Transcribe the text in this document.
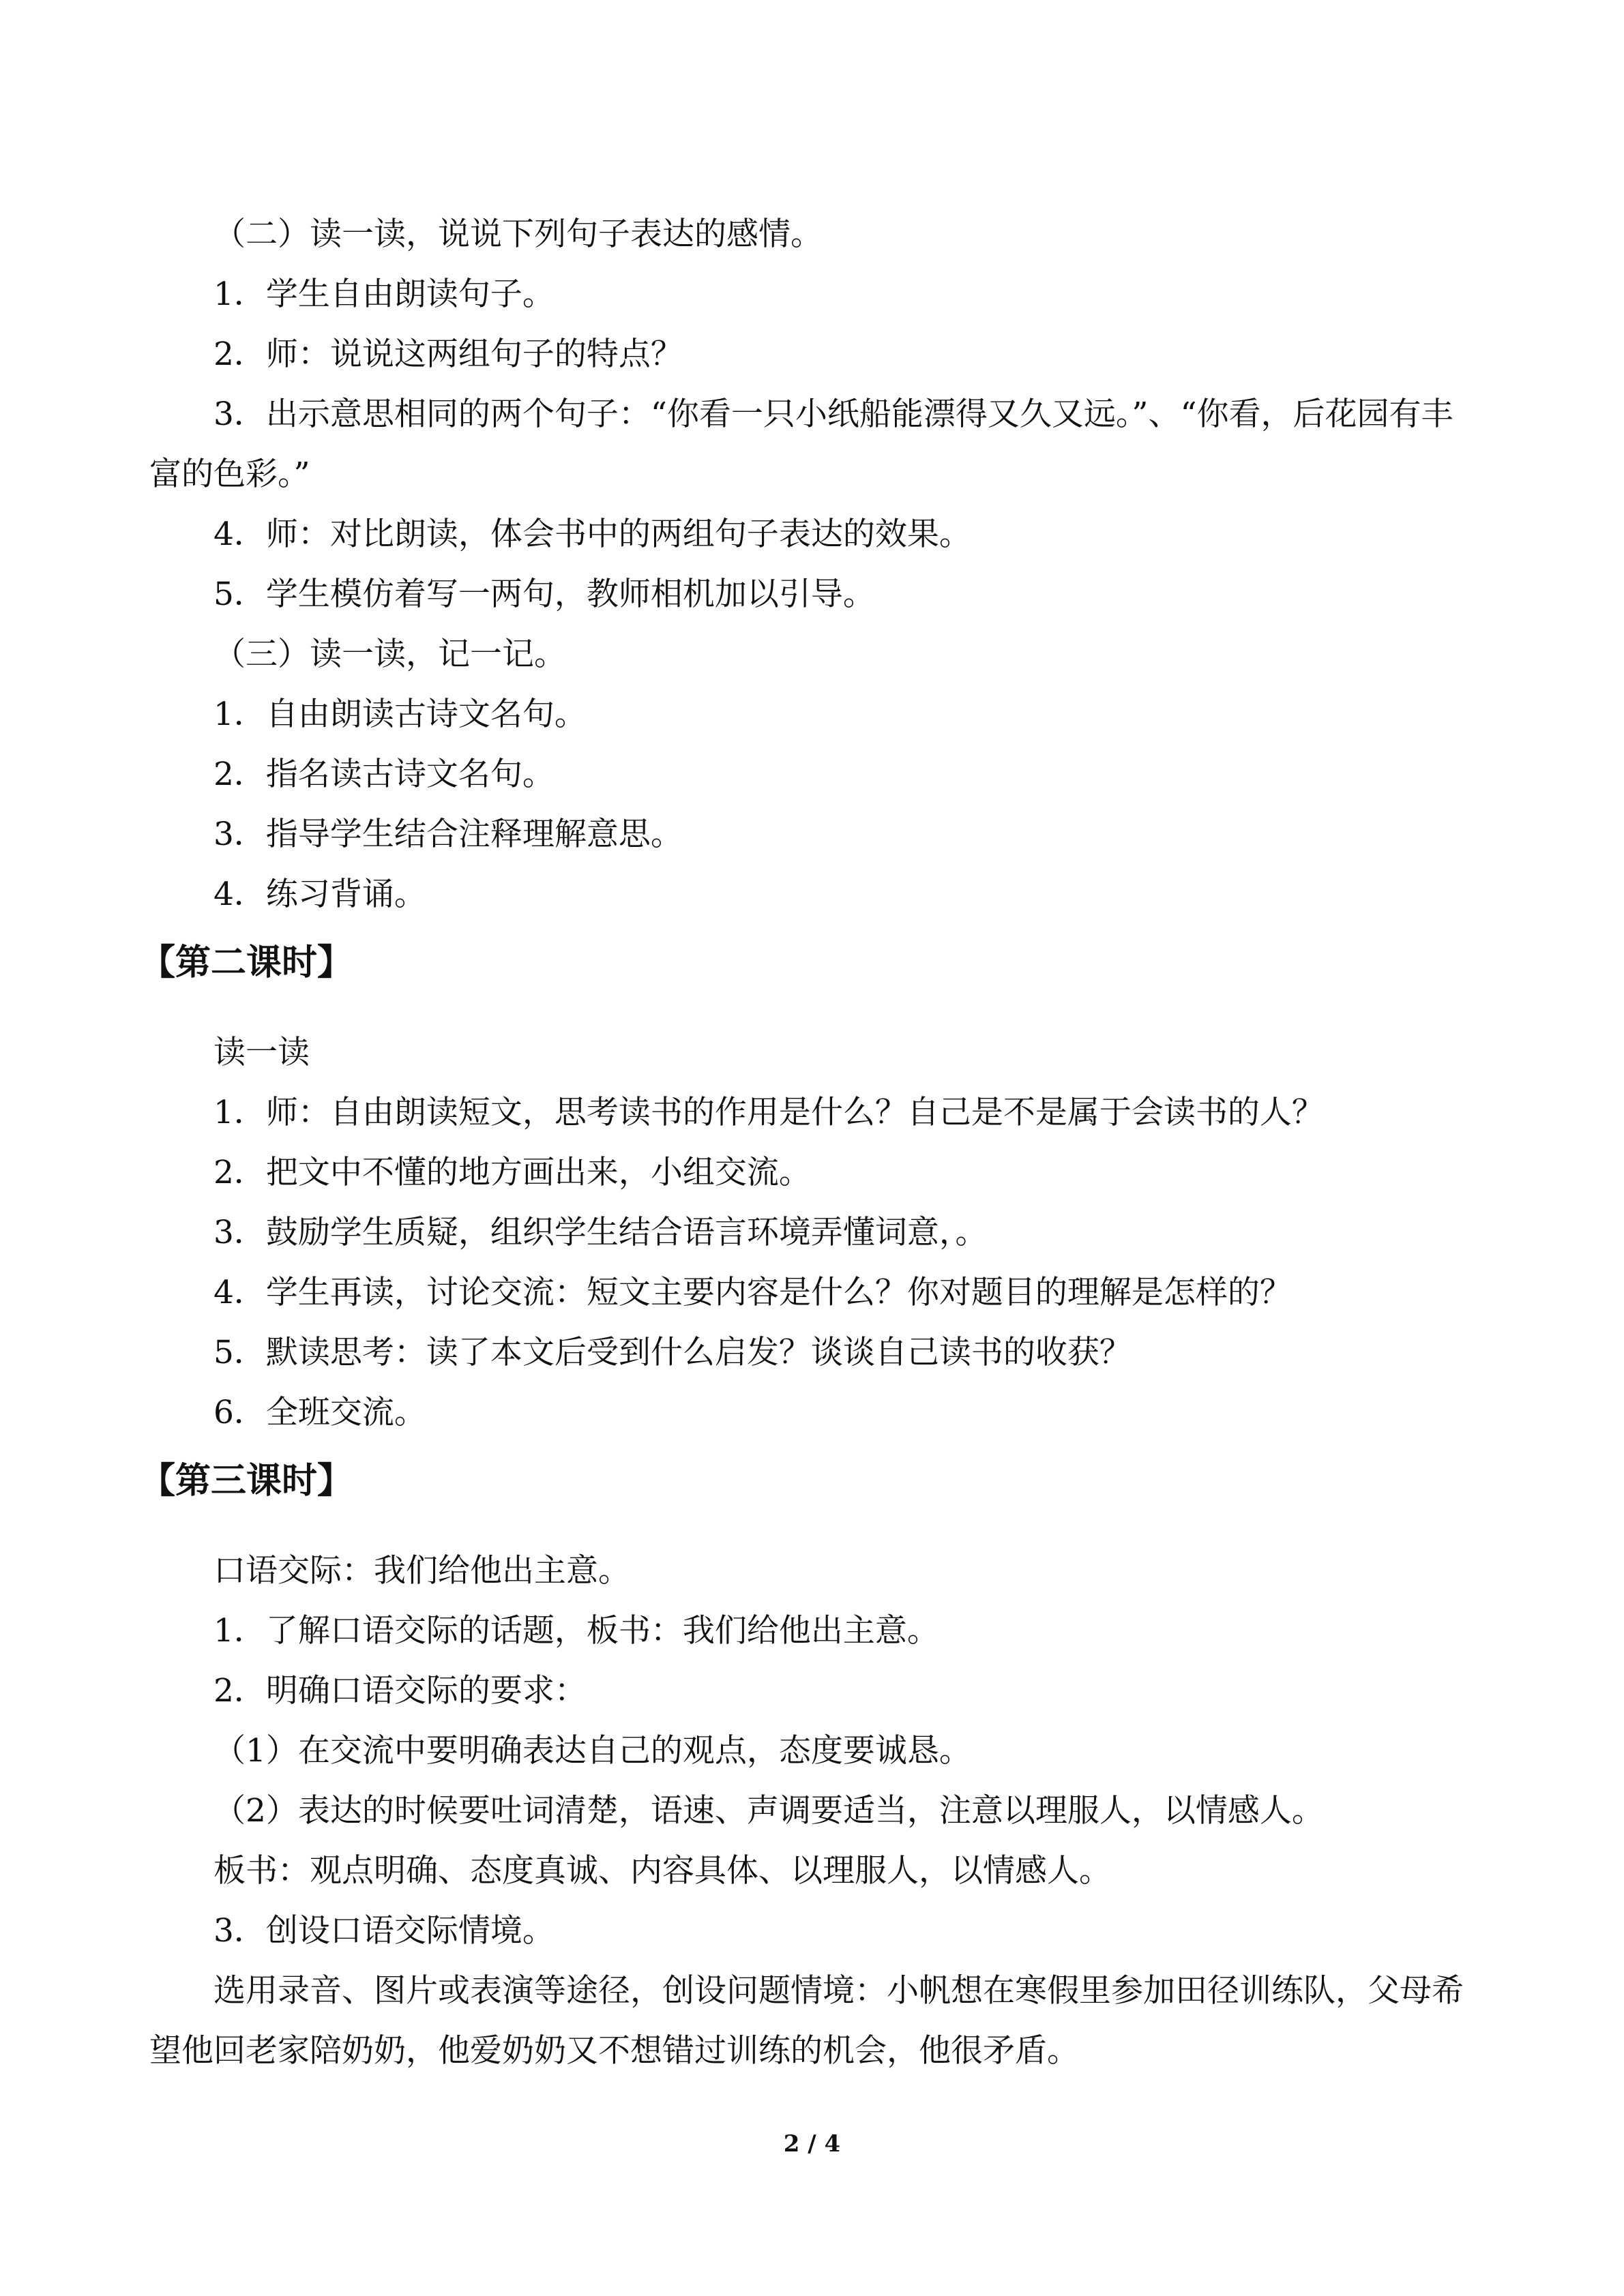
（二）读一读，说说下列句子表达的感情。

1．学生自由朗读句子。

2．师：说说这两组句子的特点？

3．出示意思相同的两个句子：“你看一只小纸船能漂得又久又远。”、“你看，后花园有丰富的色彩。”

4．师：对比朗读，体会书中的两组句子表达的效果。

5．学生模仿着写一两句，教师相机加以引导。

（三）读一读，记一记。

1．自由朗读古诗文名句。

2．指名读古诗文名句。

3．指导学生结合注释理解意思。

4．练习背诵。

【第二课时】

读一读

1．师：自由朗读短文，思考读书的作用是什么？自己是不是属于会读书的人？

2．把文中不懂的地方画出来，小组交流。

3．鼓励学生质疑，组织学生结合语言环境弄懂词意，。

4．学生再读，讨论交流：短文主要内容是什么？你对题目的理解是怎样的？

5．默读思考：读了本文后受到什么启发？谈谈自己读书的收获？

6．全班交流。

【第三课时】

口语交际：我们给他出主意。

1．了解口语交际的话题，板书：我们给他出主意。

2．明确口语交际的要求：

（1）在交流中要明确表达自己的观点，态度要诚恳。

（2）表达的时候要吐词清楚，语速、声调要适当，注意以理服人，以情感人。

板书：观点明确、态度真诚、内容具体、以理服人，以情感人。

3．创设口语交际情境。

选用录音、图片或表演等途径，创设问题情境：小帆想在寒假里参加田径训练队，父母希望他回老家陪奶奶，他爱奶奶又不想错过训练的机会，他很矛盾。

2 / 4
